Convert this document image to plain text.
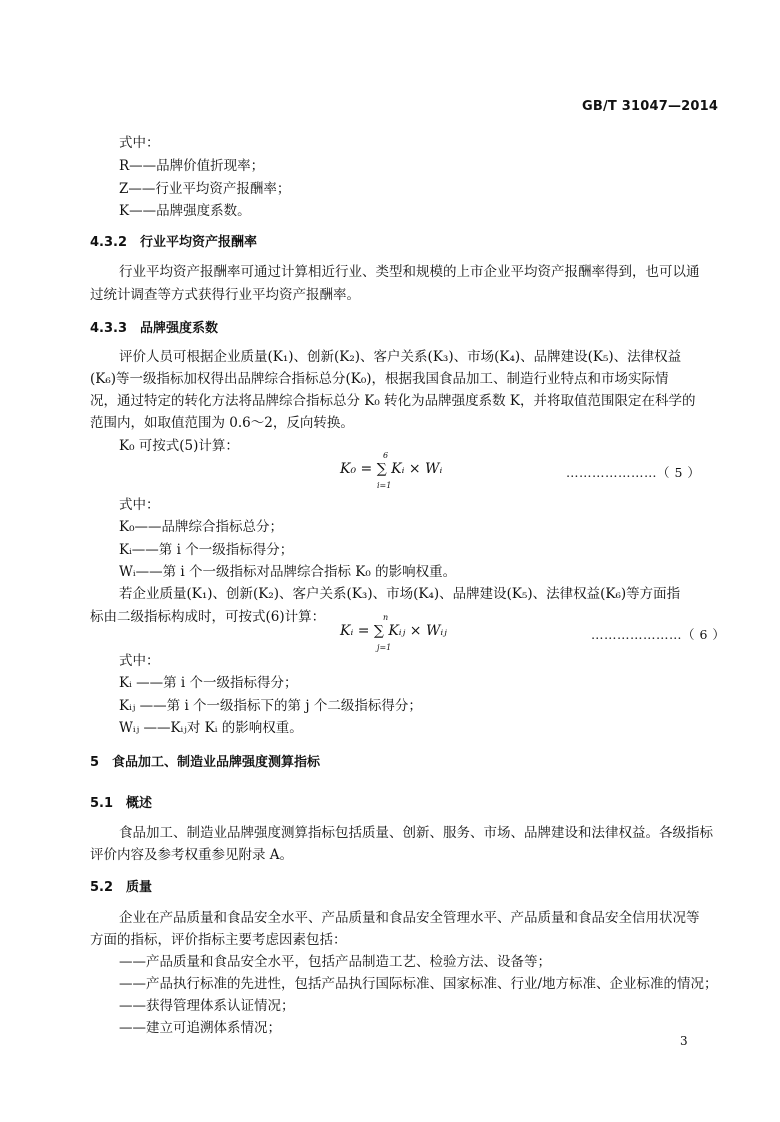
GB/T 31047—2014
式中：
R——品牌价值折现率；
Z——行业平均资产报酬率；
K——品牌强度系数。
4.3.2　行业平均资产报酬率
行业平均资产报酬率可通过计算相近行业、类型和规模的上市企业平均资产报酬率得到，也可以通
过统计调查等方式获得行业平均资产报酬率。
4.3.3　品牌强度系数
评价人员可根据企业质量(K₁)、创新(K₂)、客户关系(K₃)、市场(K₄)、品牌建设(K₅)、法律权益
(K₆)等一级指标加权得出品牌综合指标总分(K₀)，根据我国食品加工、制造行业特点和市场实际情
况，通过特定的转化方法将品牌综合指标总分 K₀ 转化为品牌强度系数 K，并将取值范围限定在科学的
范围内，如取值范围为 0.6～2，反向转换。
K₀ 可按式(5)计算：
K₀ = ∑ Kᵢ × Wᵢ
6
i=1
…………………（ 5 ）
式中：
K₀——品牌综合指标总分；
Kᵢ——第 i 个一级指标得分；
Wᵢ——第 i 个一级指标对品牌综合指标 K₀ 的影响权重。
若企业质量(K₁)、创新(K₂)、客户关系(K₃)、市场(K₄)、品牌建设(K₅)、法律权益(K₆)等方面指
标由二级指标构成时，可按式(6)计算：
Kᵢ = ∑ Kᵢⱼ × Wᵢⱼ
n
j=1
…………………（ 6 ）
式中：
Kᵢ ——第 i 个一级指标得分；
Kᵢⱼ ——第 i 个一级指标下的第 j 个二级指标得分；
Wᵢⱼ ——Kᵢⱼ对 Kᵢ 的影响权重。
5　食品加工、制造业品牌强度测算指标
5.1　概述
食品加工、制造业品牌强度测算指标包括质量、创新、服务、市场、品牌建设和法律权益。各级指标
评价内容及参考权重参见附录 A。
5.2　质量
企业在产品质量和食品安全水平、产品质量和食品安全管理水平、产品质量和食品安全信用状况等
方面的指标，评价指标主要考虑因素包括：
——产品质量和食品安全水平，包括产品制造工艺、检验方法、设备等；
——产品执行标准的先进性，包括产品执行国际标准、国家标准、行业/地方标准、企业标准的情况；
——获得管理体系认证情况；
——建立可追溯体系情况；
3
